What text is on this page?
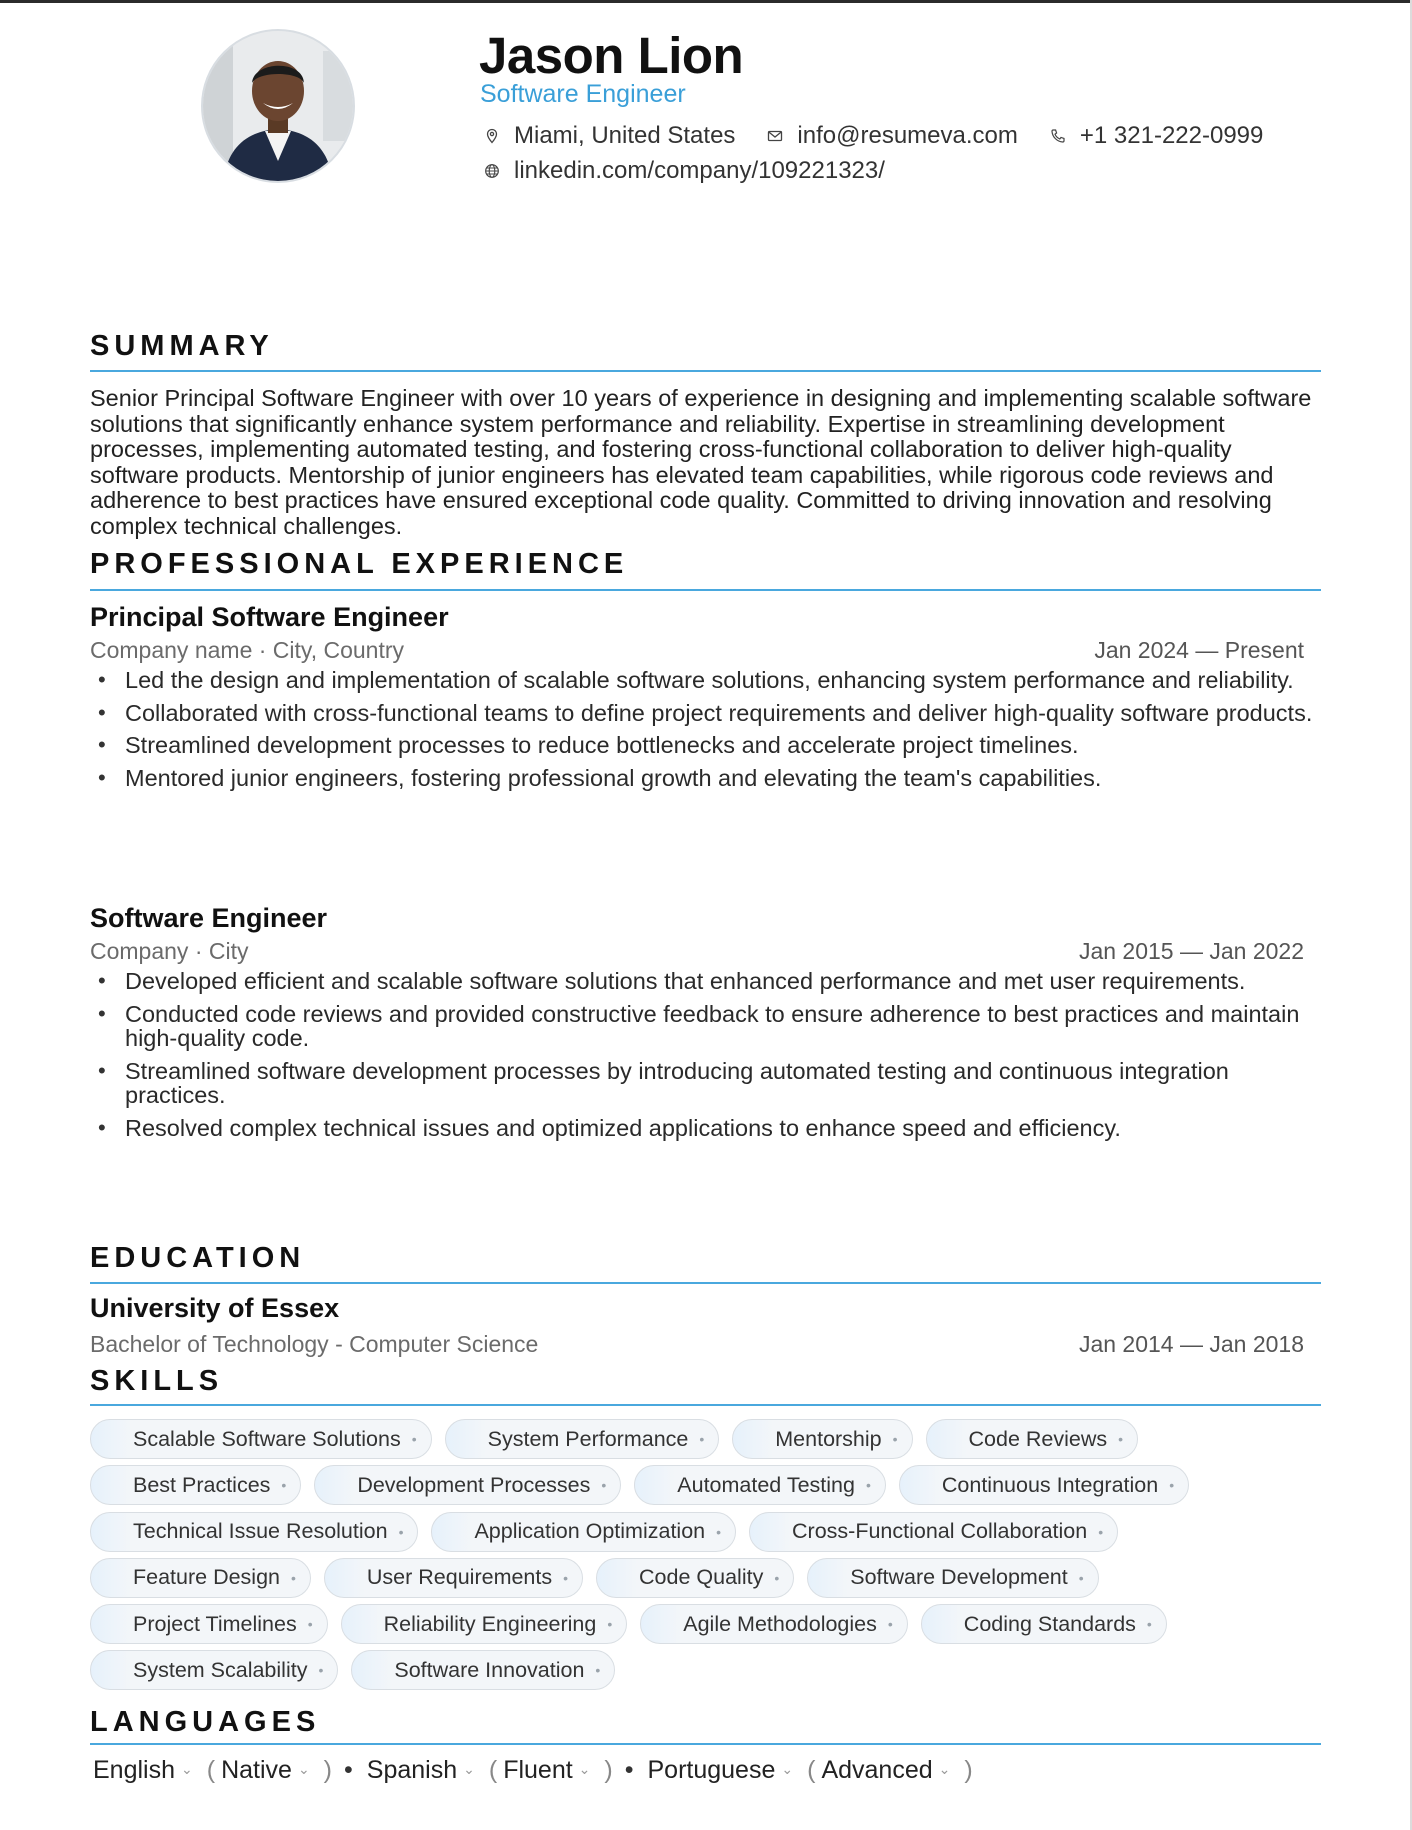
Jason Lion
Software Engineer
Miami, United States	info@resumeva.com	+1 321-222-0999
linkedin.com/company/109221323/
SUMMARY

Senior Principal Software Engineer with over 10 years of experience in designing and implementing scalable software solutions that significantly enhance system performance and reliability. Expertise in streamlining development processes, implementing automated testing, and fostering cross-functional collaboration to deliver high-quality software products. Mentorship of junior engineers has elevated team capabilities, while rigorous code reviews and adherence to best practices have ensured exceptional code quality. Committed to driving innovation and resolving complex technical challenges.

PROFESSIONAL EXPERIENCE
Principal Software Engineer
Company name · City, Country	Jan 2024 — Present
• Led the design and implementation of scalable software solutions, enhancing system performance and reliability.
• Collaborated with cross-functional teams to define project requirements and deliver high-quality software products.
• Streamlined development processes to reduce bottlenecks and accelerate project timelines.
• Mentored junior engineers, fostering professional growth and elevating the team's capabilities.
Software Engineer
Company · City	Jan 2015 — Jan 2022
• Developed efficient and scalable software solutions that enhanced performance and met user requirements.
• Conducted code reviews and provided constructive feedback to ensure adherence to best practices and maintain high-quality code.
• Streamlined software development processes by introducing automated testing and continuous integration practices.
• Resolved complex technical issues and optimized applications to enhance speed and efficiency.
EDUCATION
University of Essex
Bachelor of Technology - Computer Science	Jan 2014 — Jan 2018
SKILLS
Scalable Software Solutions •	System Performance •	Mentorship •	Code Reviews •
Best Practices •	Development Processes •	Automated Testing •	Continuous Integration •
Technical Issue Resolution •	Application Optimization •	Cross-Functional Collaboration •
Feature Design •	User Requirements •	Code Quality •	Software Development •
Project Timelines •	Reliability Engineering •	Agile Methodologies •	Coding Standards •
System Scalability •	Software Innovation •
LANGUAGES
English ⌄ ( Native ⌄ ) • Spanish ⌄ ( Fluent ⌄ ) • Portuguese ⌄ ( Advanced ⌄ )
